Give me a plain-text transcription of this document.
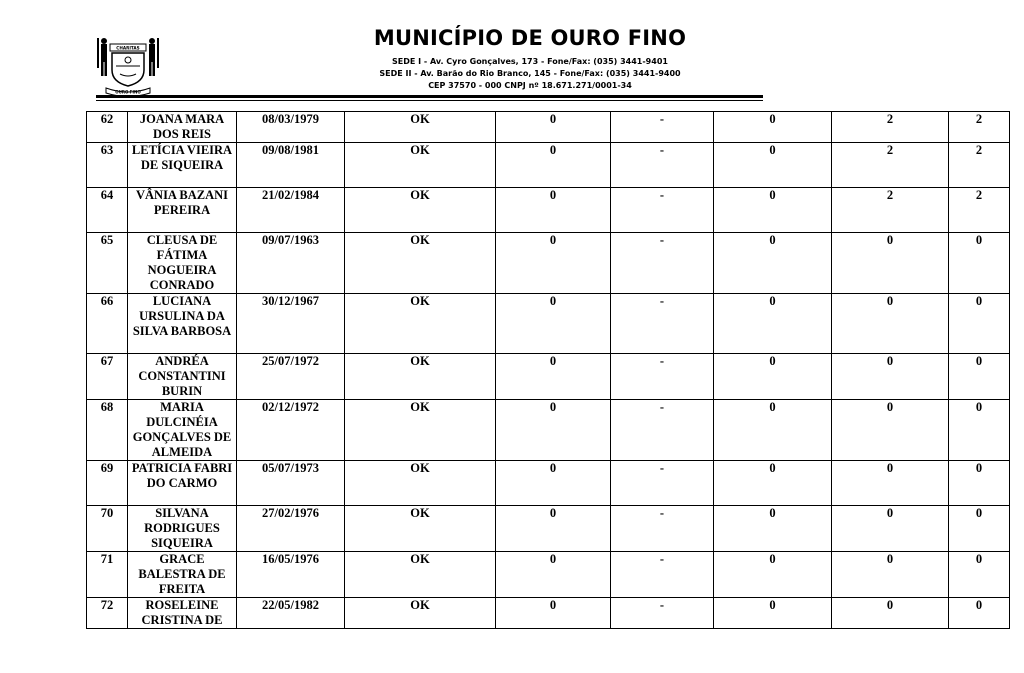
CHARITAS
OURO FINO
MUNICÍPIO DE OURO FINO
SEDE I - Av. Cyro Gonçalves, 173 - Fone/Fax: (035) 3441-9401
SEDE II - Av. Barão do Rio Branco, 145 - Fone/Fax: (035) 3441-9400
CEP 37570 - 000 CNPJ nº 18.671.271/0001-34
62	JOANA MARA DOS REIS	08/03/1979	OK	0	-	0	2	2
63	LETÍCIA VIEIRA DE SIQUEIRA	09/08/1981	OK	0	-	0	2	2
64	VÂNIA BAZANI PEREIRA	21/02/1984	OK	0	-	0	2	2
65	CLEUSA DE FÁTIMA NOGUEIRA CONRADO	09/07/1963	OK	0	-	0	0	0
66	LUCIANA URSULINA DA SILVA BARBOSA	30/12/1967	OK	0	-	0	0	0
67	ANDRÉA CONSTANTINI BURIN	25/07/1972	OK	0	-	0	0	0
68	MARIA DULCINÉIA GONÇALVES DE ALMEIDA	02/12/1972	OK	0	-	0	0	0
69	PATRICIA FABRI DO CARMO	05/07/1973	OK	0	-	0	0	0
70	SILVANA RODRIGUES SIQUEIRA	27/02/1976	OK	0	-	0	0	0
71	GRACE BALESTRA DE FREITA	16/05/1976	OK	0	-	0	0	0
72	ROSELEINE CRISTINA DE	22/05/1982	OK	0	-	0	0	0
